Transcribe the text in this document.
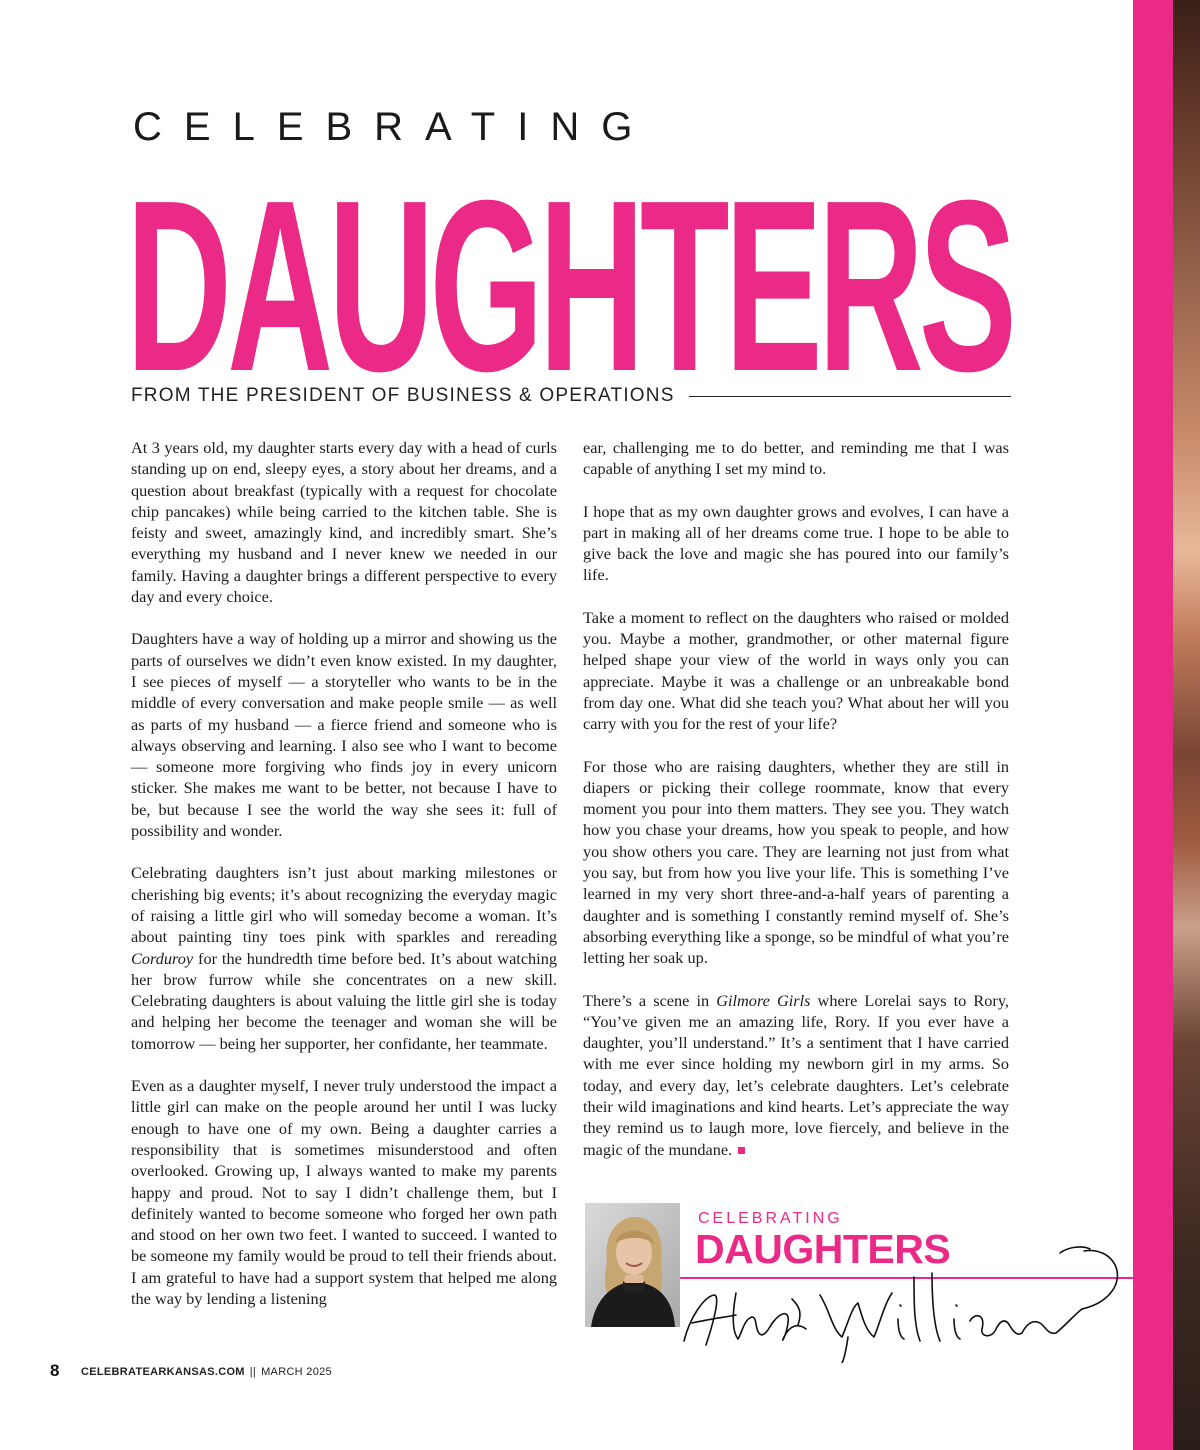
CELEBRATING
DAUGHTERS
FROM THE PRESIDENT OF BUSINESS & OPERATIONS

At 3 years old, my daughter starts every day with a head of curls standing up on end, sleepy eyes, a story about her dreams, and a question about breakfast (typically with a request for chocolate chip pancakes) while being carried to the kitchen table. She is feisty and sweet, amazingly kind, and incredibly smart. She’s everything my husband and I never knew we needed in our family. Having a daughter brings a different perspective to every day and every choice.

Daughters have a way of holding up a mirror and showing us the parts of ourselves we didn’t even know existed. In my daughter, I see pieces of myself — a storyteller who wants to be in the middle of every conversation and make people smile — as well as parts of my husband — a fierce friend and someone who is always observing and learning. I also see who I want to become — someone more forgiving who finds joy in every unicorn sticker. She makes me want to be better, not because I have to be, but because I see the world the way she sees it: full of possibility and wonder.

Celebrating daughters isn’t just about marking milestones or cherishing big events; it’s about recognizing the everyday magic of raising a little girl who will someday become a woman. It’s about painting tiny toes pink with sparkles and rereading Corduroy for the hundredth time before bed. It’s about watching her brow furrow while she concentrates on a new skill. Celebrating daughters is about valuing the little girl she is today and helping her become the teenager and woman she will be tomorrow — being her supporter, her confidante, her teammate.

Even as a daughter myself, I never truly understood the impact a little girl can make on the people around her until I was lucky enough to have one of my own. Being a daughter carries a responsibility that is sometimes misunderstood and often overlooked. Growing up, I always wanted to make my parents happy and proud. Not to say I didn’t challenge them, but I definitely wanted to become someone who forged her own path and stood on her own two feet. I wanted to succeed. I wanted to be someone my family would be proud to tell their friends about. I am grateful to have had a support system that helped me along the way by lending a listening

ear, challenging me to do better, and reminding me that I was capable of anything I set my mind to.

I hope that as my own daughter grows and evolves, I can have a part in making all of her dreams come true. I hope to be able to give back the love and magic she has poured into our family’s life.

Take a moment to reflect on the daughters who raised or molded you. Maybe a mother, grandmother, or other maternal figure helped shape your view of the world in ways only you can appreciate. Maybe it was a challenge or an unbreakable bond from day one. What did she teach you? What about her will you carry with you for the rest of your life?

For those who are raising daughters, whether they are still in diapers or picking their college roommate, know that every moment you pour into them matters. They see you. They watch how you chase your dreams, how you speak to people, and how you show others you care. They are learning not just from what you say, but from how you live your life. This is something I’ve learned in my very short three-and-a-half years of parenting a daughter and is something I constantly remind myself of. She’s absorbing everything like a sponge, so be mindful of what you’re letting her soak up.

There’s a scene in Gilmore Girls where Lorelai says to Rory, “You’ve given me an amazing life, Rory. If you ever have a daughter, you’ll understand.” It’s a sentiment that I have carried with me ever since holding my newborn girl in my arms. So today, and every day, let’s celebrate daughters. Let’s celebrate their wild imaginations and kind hearts. Let’s appreciate the way they remind us to laugh more, love fiercely, and believe in the magic of the mundane.

CELEBRATING

DAUGHTERS

8 CELEBRATEARKANSAS.COM || MARCH 2025
